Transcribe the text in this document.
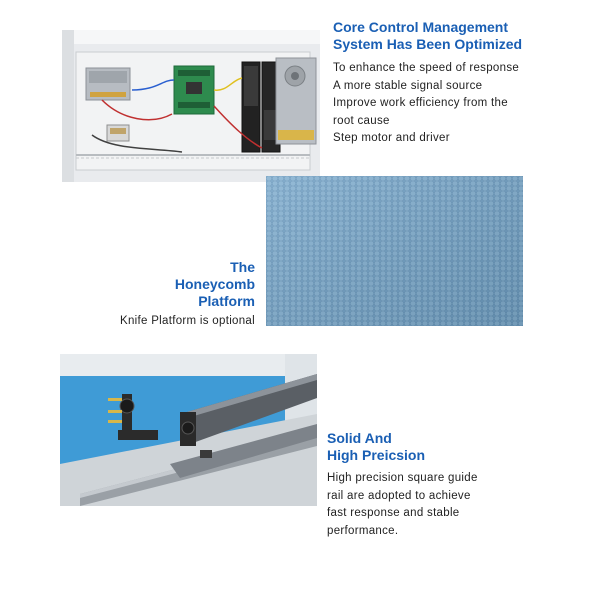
Core Control Management
System Has Been Optimized
To enhance the speed of response
A more stable signal source
Improve work efficiency from the
root cause
Step motor and driver
The
Honeycomb
Platform
Knife Platform is optional
Solid And
High Preicsion
High precision square guide
rail are adopted to achieve
fast response and stable
performance.
